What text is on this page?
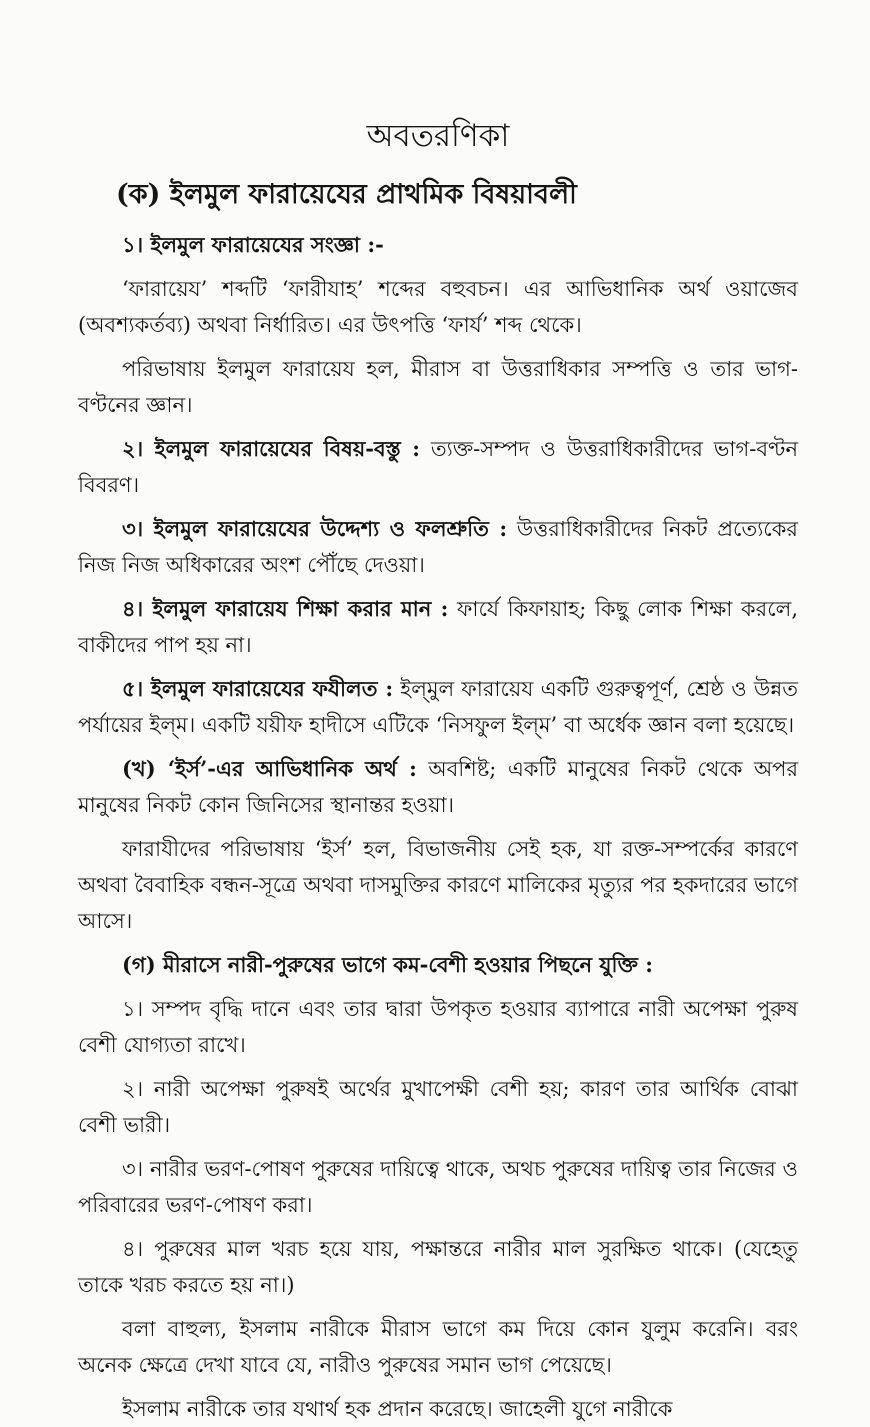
অবতরণিকা
(ক) ইলমুল ফারায়েযের প্রাথমিক বিষয়াবলী

১। ইলমুল ফারায়েযের সংজ্ঞা :-

‘ফারায়েয’ শব্দটি ‘ফারীযাহ’ শব্দের বহুবচন। এর আভিধানিক অর্থ ওয়াজেব (অবশ্যকর্তব্য) অথবা নির্ধারিত। এর উৎপত্তি ‘ফার্য’ শব্দ থেকে।

পরিভাষায় ইলমুল ফারায়েয হল, মীরাস বা উত্তরাধিকার সম্পত্তি ও তার ভাগ-বণ্টনের জ্ঞান।

২। ইলমুল ফারায়েযের বিষয়-বস্তু : ত্যক্ত-সম্পদ ও উত্তরাধিকারীদের ভাগ-বণ্টন বিবরণ।

৩। ইলমুল ফারায়েযের উদ্দেশ্য ও ফলশ্রুতি : উত্তরাধিকারীদের নিকট প্রত্যেকের নিজ নিজ অধিকারের অংশ পৌঁছে দেওয়া।

৪। ইলমুল ফারায়েয শিক্ষা করার মান : ফার্যে কিফায়াহ; কিছু লোক শিক্ষা করলে, বাকীদের পাপ হয় না।

৫। ইলমুল ফারায়েযের ফযীলত : ইল্‌মুল ফারায়েয একটি গুরুত্বপূর্ণ, শ্রেষ্ঠ ও উন্নত পর্যায়ের ইল্‌ম। একটি যয়ীফ হাদীসে এটিকে ‘নিসফুল ইল্‌ম’ বা অর্ধেক জ্ঞান বলা হয়েছে।

(খ) ‘ইর্স’-এর আভিধানিক অর্থ : অবশিষ্ট; একটি মানুষের নিকট থেকে অপর মানুষের নিকট কোন জিনিসের স্থানান্তর হওয়া।

ফারাযীদের পরিভাষায় ‘ইর্স’ হল, বিভাজনীয় সেই হক, যা রক্ত-সম্পর্কের কারণে অথবা বৈবাহিক বন্ধন-সূত্রে অথবা দাসমুক্তির কারণে মালিকের মৃত্যুর পর হকদারের ভাগে আসে।

(গ) মীরাসে নারী-পুরুষের ভাগে কম-বেশী হওয়ার পিছনে যুক্তি :

১। সম্পদ বৃদ্ধি দানে এবং তার দ্বারা উপকৃত হওয়ার ব্যাপারে নারী অপেক্ষা পুরুষ বেশী যোগ্যতা রাখে।

২। নারী অপেক্ষা পুরুষই অর্থের মুখাপেক্ষী বেশী হয়; কারণ তার আর্থিক বোঝা বেশী ভারী।

৩। নারীর ভরণ-পোষণ পুরুষের দায়িত্বে থাকে, অথচ পুরুষের দায়িত্ব তার নিজের ও পরিবারের ভরণ-পোষণ করা।

৪। পুরুষের মাল খরচ হয়ে যায়, পক্ষান্তরে নারীর মাল সুরক্ষিত থাকে। (যেহেতু তাকে খরচ করতে হয় না।)

বলা বাহুল্য, ইসলাম নারীকে মীরাস ভাগে কম দিয়ে কোন যুলুম করেনি। বরং অনেক ক্ষেত্রে দেখা যাবে যে, নারীও পুরুষের সমান ভাগ পেয়েছে।

ইসলাম নারীকে তার যথার্থ হক প্রদান করেছে। জাহেলী যুগে নারীকে
